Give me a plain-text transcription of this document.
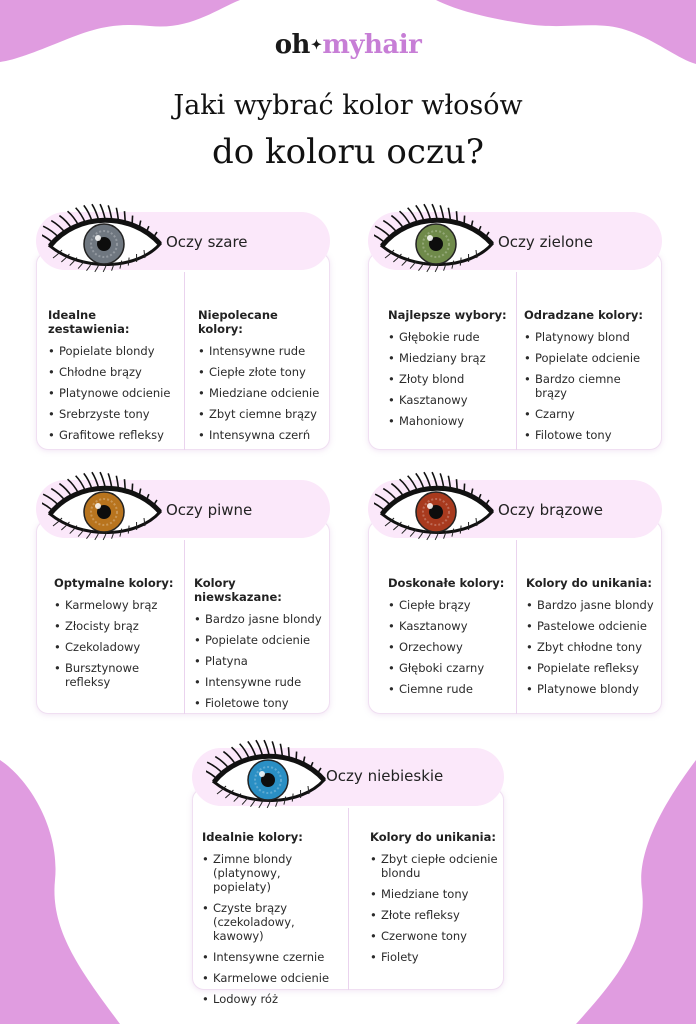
oh✦myhair
Jaki wybrać kolor włosów
do koloru oczu?
Oczy szare
Idealne zestawienia:
• Popielate blondy
• Chłodne brązy
• Platynowe odcienie
• Srebrzyste tony
• Grafitowe refleksy
Niepolecane kolory:
• Intensywne rude
• Ciepłe złote tony
• Miedziane odcienie
• Zbyt ciemne brązy
• Intensywna czerń
Oczy zielone
Najlepsze wybory:
• Głębokie rude
• Miedziany brąz
• Złoty blond
• Kasztanowy
• Mahoniowy
Odradzane kolory:
• Platynowy blond
• Popielate odcienie
• Bardzo ciemne brązy
• Czarny
• Filotowe tony
Oczy piwne
Optymalne kolory:
• Karmelowy brąz
• Złocisty brąz
• Czekoladowy
• Bursztynowe refleksy
Kolory niewskazane:
• Bardzo jasne blondy
• Popielate odcienie
• Platyna
• Intensywne rude
• Fioletowe tony
Oczy brązowe
Doskonałe kolory:
• Ciepłe brązy
• Kasztanowy
• Orzechowy
• Głęboki czarny
• Ciemne rude
Kolory do unikania:
• Bardzo jasne blondy
• Pastelowe odcienie
• Zbyt chłodne tony
• Popielate refleksy
• Platynowe blondy
Oczy niebieskie
Idealnie kolory:
• Zimne blondy (platynowy, popielaty)
• Czyste brązy (czekoladowy, kawowy)
• Intensywne czernie
• Karmelowe odcienie
• Lodowy róż
Kolory do unikania:
• Zbyt ciepłe odcienie blondu
• Miedziane tony
• Złote refleksy
• Czerwone tony
• Fiolety
